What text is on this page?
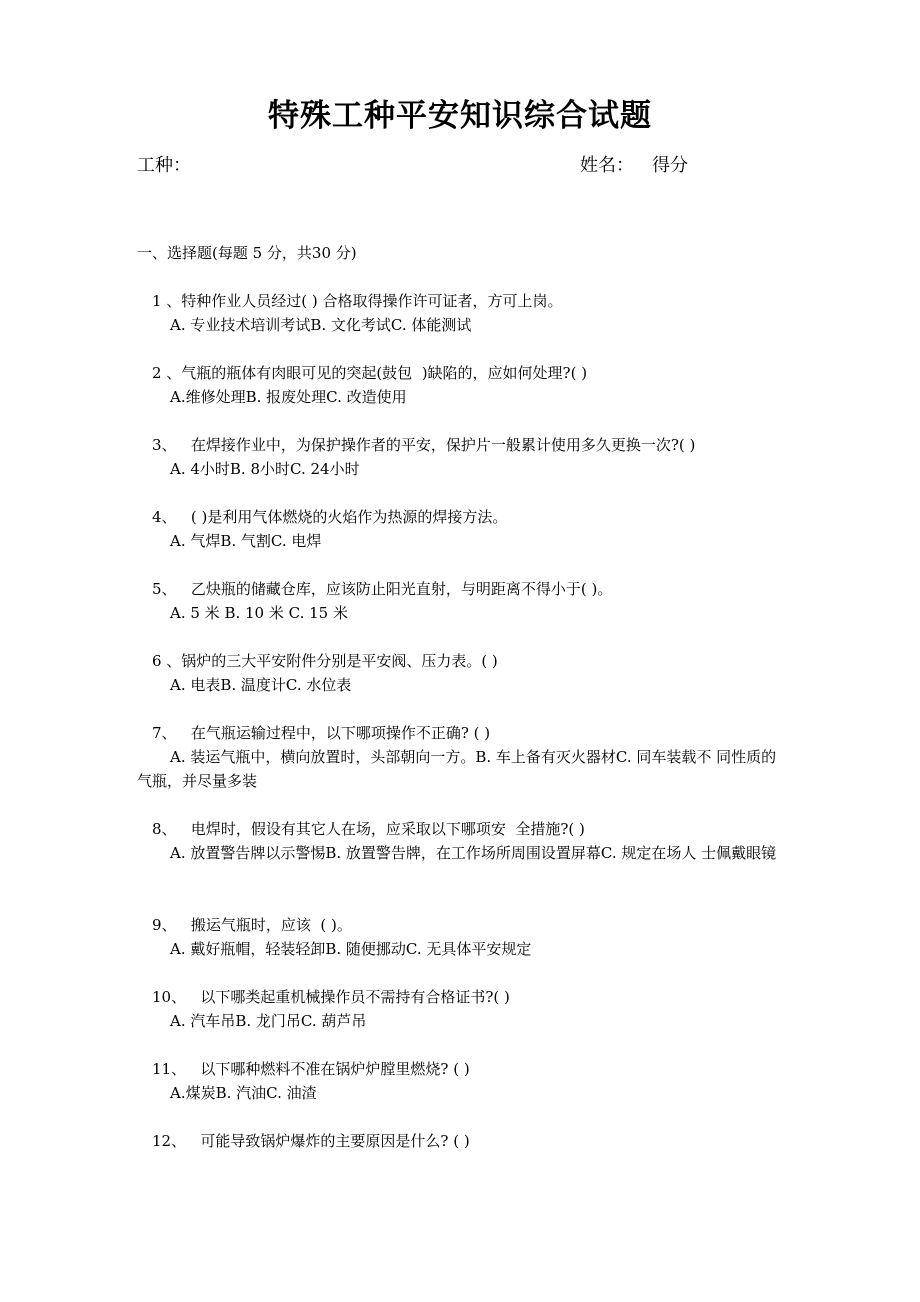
特殊工种平安知识综合试题
工种：	姓名： 得分
一、选择题(每题 5 分，共30 分)
1 、特种作业人员经过( ) 合格取得操作许可证者，方可上岗。
A. 专业技术培训考试B. 文化考试C. 体能测试
2 、气瓶的瓶体有肉眼可见的突起(鼓包  )缺陷的，应如何处理?( )
A.维修处理B. 报废处理C. 改造使用
3、   在焊接作业中，为保护操作者的平安，保护片一般累计使用多久更换一次?( )
A. 4小时B. 8小时C. 24小时
4、   ( )是利用气体燃烧的火焰作为热源的焊接方法。
A. 气焊B. 气割C. 电焊
5、   乙炔瓶的储藏仓库，应该防止阳光直射，与明距离不得小于( )。
A. 5 米 B. 10 米 C. 15 米
6 、锅炉的三大平安附件分别是平安阀、压力表。( )
A. 电表B. 温度计C. 水位表
7、   在气瓶运输过程中，以下哪项操作不正确? ( )
A. 装运气瓶中，横向放置时，头部朝向一方。B. 车上备有灭火器材C. 同车装载不 同性质的气瓶，并尽量多装
8、   电焊时，假设有其它人在场，应采取以下哪项安  全措施?( )
A. 放置警告牌以示警惕B. 放置警告牌，在工作场所周围设置屏幕C. 规定在场人 士佩戴眼镜
9、   搬运气瓶时，应该  ( )。
A. 戴好瓶帽，轻装轻卸B. 随便挪动C. 无具体平安规定
10、   以下哪类起重机械操作员不需持有合格证书?( )
A. 汽车吊B. 龙门吊C. 葫芦吊
11、   以下哪种燃料不准在锅炉炉膛里燃烧? ( )
A.煤炭B. 汽油C. 油渣
12、   可能导致锅炉爆炸的主要原因是什么? ( )
